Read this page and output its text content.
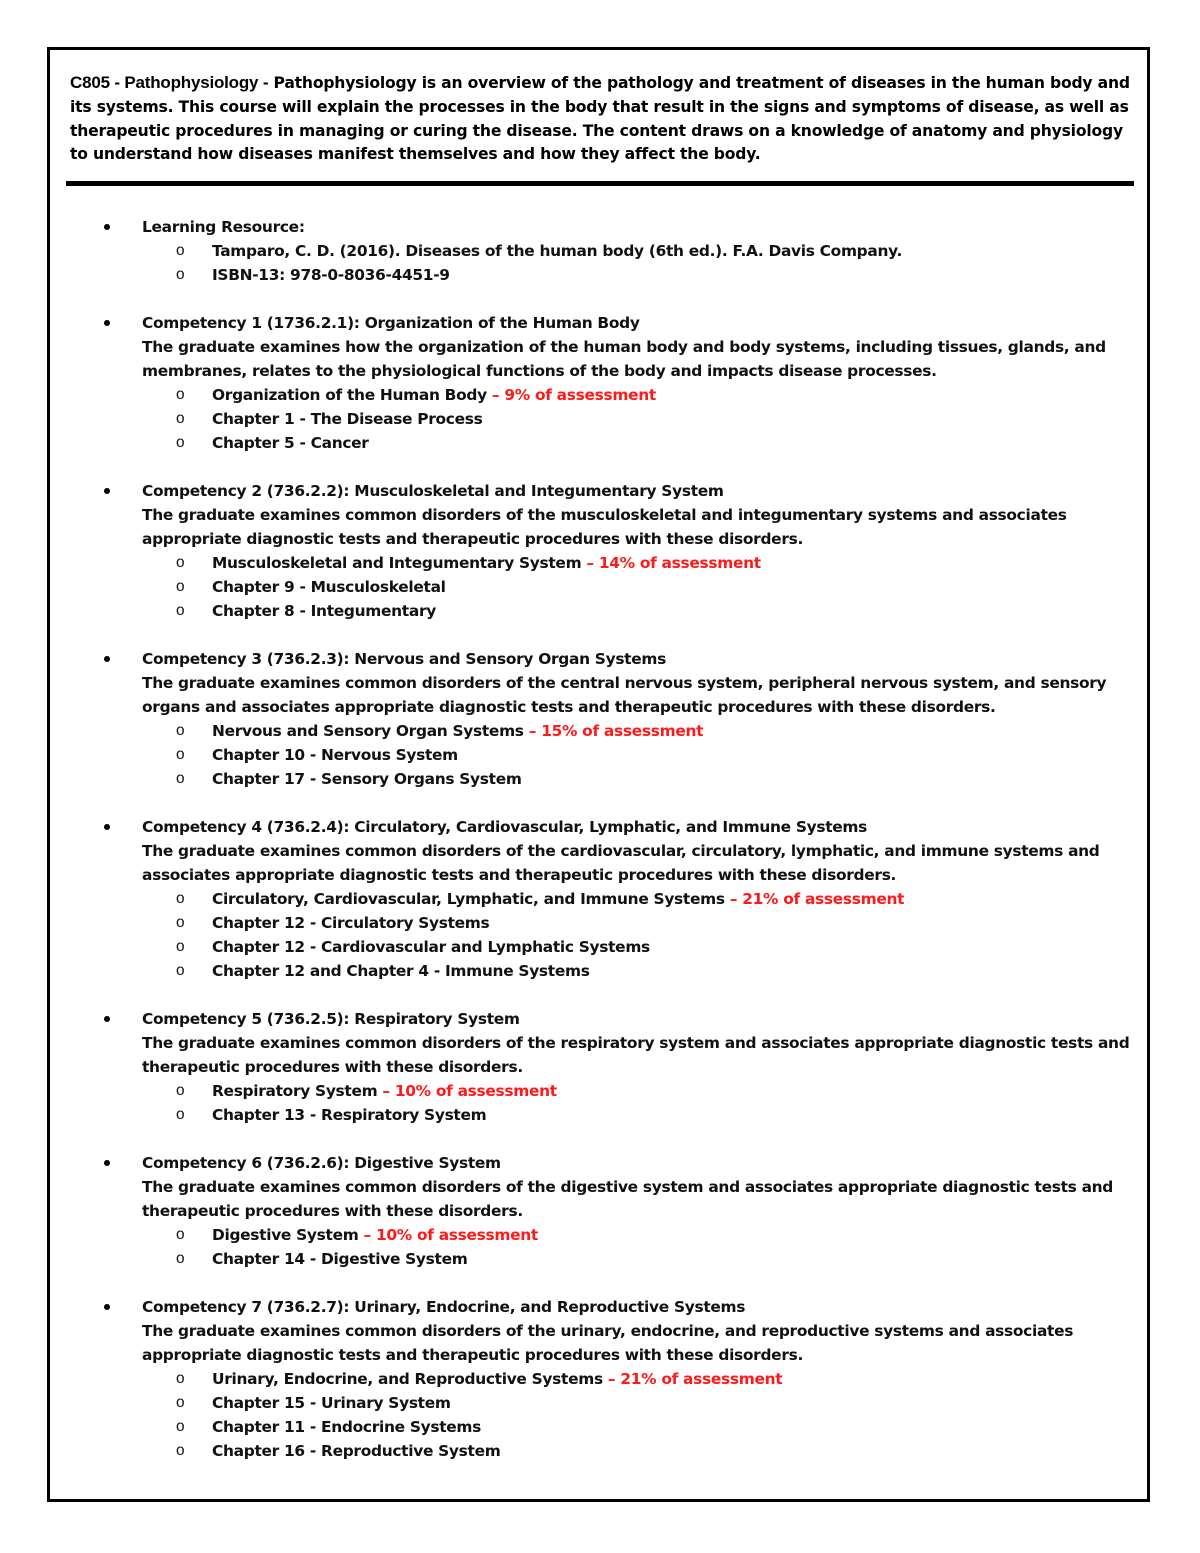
C805 - Pathophysiology - Pathophysiology is an overview of the pathology and treatment of diseases in the human body and its systems. This course will explain the processes in the body that result in the signs and symptoms of disease, as well as therapeutic procedures in managing or curing the disease. The content draws on a knowledge of anatomy and physiology to understand how diseases manifest themselves and how they affect the body.
Learning Resource:
o Tamparo, C. D. (2016). Diseases of the human body (6th ed.). F.A. Davis Company.
o ISBN-13: 978-0-8036-4451-9
Competency 1 (1736.2.1): Organization of the Human Body
The graduate examines how the organization of the human body and body systems, including tissues, glands, and membranes, relates to the physiological functions of the body and impacts disease processes.
o Organization of the Human Body – 9% of assessment
o Chapter 1 - The Disease Process
o Chapter 5 - Cancer
Competency 2 (736.2.2): Musculoskeletal and Integumentary System
The graduate examines common disorders of the musculoskeletal and integumentary systems and associates appropriate diagnostic tests and therapeutic procedures with these disorders.
o Musculoskeletal and Integumentary System – 14% of assessment
o Chapter 9 - Musculoskeletal
o Chapter 8 - Integumentary
Competency 3 (736.2.3): Nervous and Sensory Organ Systems
The graduate examines common disorders of the central nervous system, peripheral nervous system, and sensory organs and associates appropriate diagnostic tests and therapeutic procedures with these disorders.
o Nervous and Sensory Organ Systems – 15% of assessment
o Chapter 10 - Nervous System
o Chapter 17 - Sensory Organs System
Competency 4 (736.2.4): Circulatory, Cardiovascular, Lymphatic, and Immune Systems
The graduate examines common disorders of the cardiovascular, circulatory, lymphatic, and immune systems and associates appropriate diagnostic tests and therapeutic procedures with these disorders.
o Circulatory, Cardiovascular, Lymphatic, and Immune Systems – 21% of assessment
o Chapter 12 - Circulatory Systems
o Chapter 12 - Cardiovascular and Lymphatic Systems
o Chapter 12 and Chapter 4 - Immune Systems
Competency 5 (736.2.5): Respiratory System
The graduate examines common disorders of the respiratory system and associates appropriate diagnostic tests and therapeutic procedures with these disorders.
o Respiratory System – 10% of assessment
o Chapter 13 - Respiratory System
Competency 6 (736.2.6): Digestive System
The graduate examines common disorders of the digestive system and associates appropriate diagnostic tests and therapeutic procedures with these disorders.
o Digestive System – 10% of assessment
o Chapter 14 - Digestive System
Competency 7 (736.2.7): Urinary, Endocrine, and Reproductive Systems
The graduate examines common disorders of the urinary, endocrine, and reproductive systems and associates appropriate diagnostic tests and therapeutic procedures with these disorders.
o Urinary, Endocrine, and Reproductive Systems – 21% of assessment
o Chapter 15 - Urinary System
o Chapter 11 - Endocrine Systems
o Chapter 16 - Reproductive System
